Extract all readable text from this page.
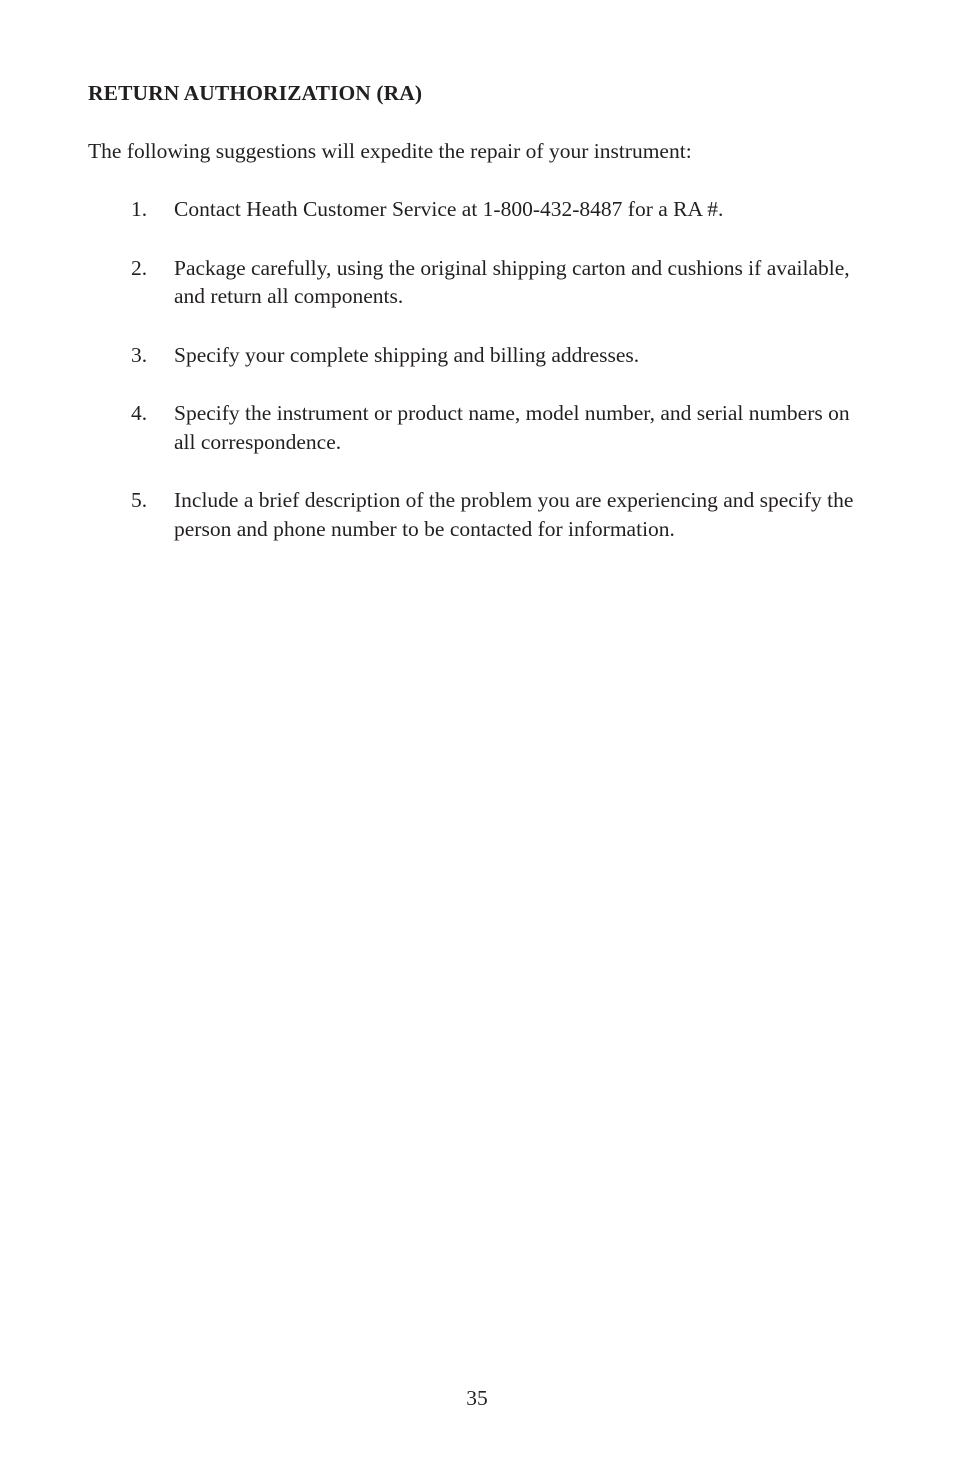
RETURN AUTHORIZATION (RA)

The following suggestions will expedite the repair of your instrument:

1. Contact Heath Customer Service at 1-800-432-8487 for a RA #.
2. Package carefully, using the original shipping carton and cushions if available, and return all components.
3. Specify your complete shipping and billing addresses.
4. Specify the instrument or product name, model number, and serial numbers on all correspondence.
5. Include a brief description of the problem you are experiencing and specify the person and phone number to be contacted for information.

35
